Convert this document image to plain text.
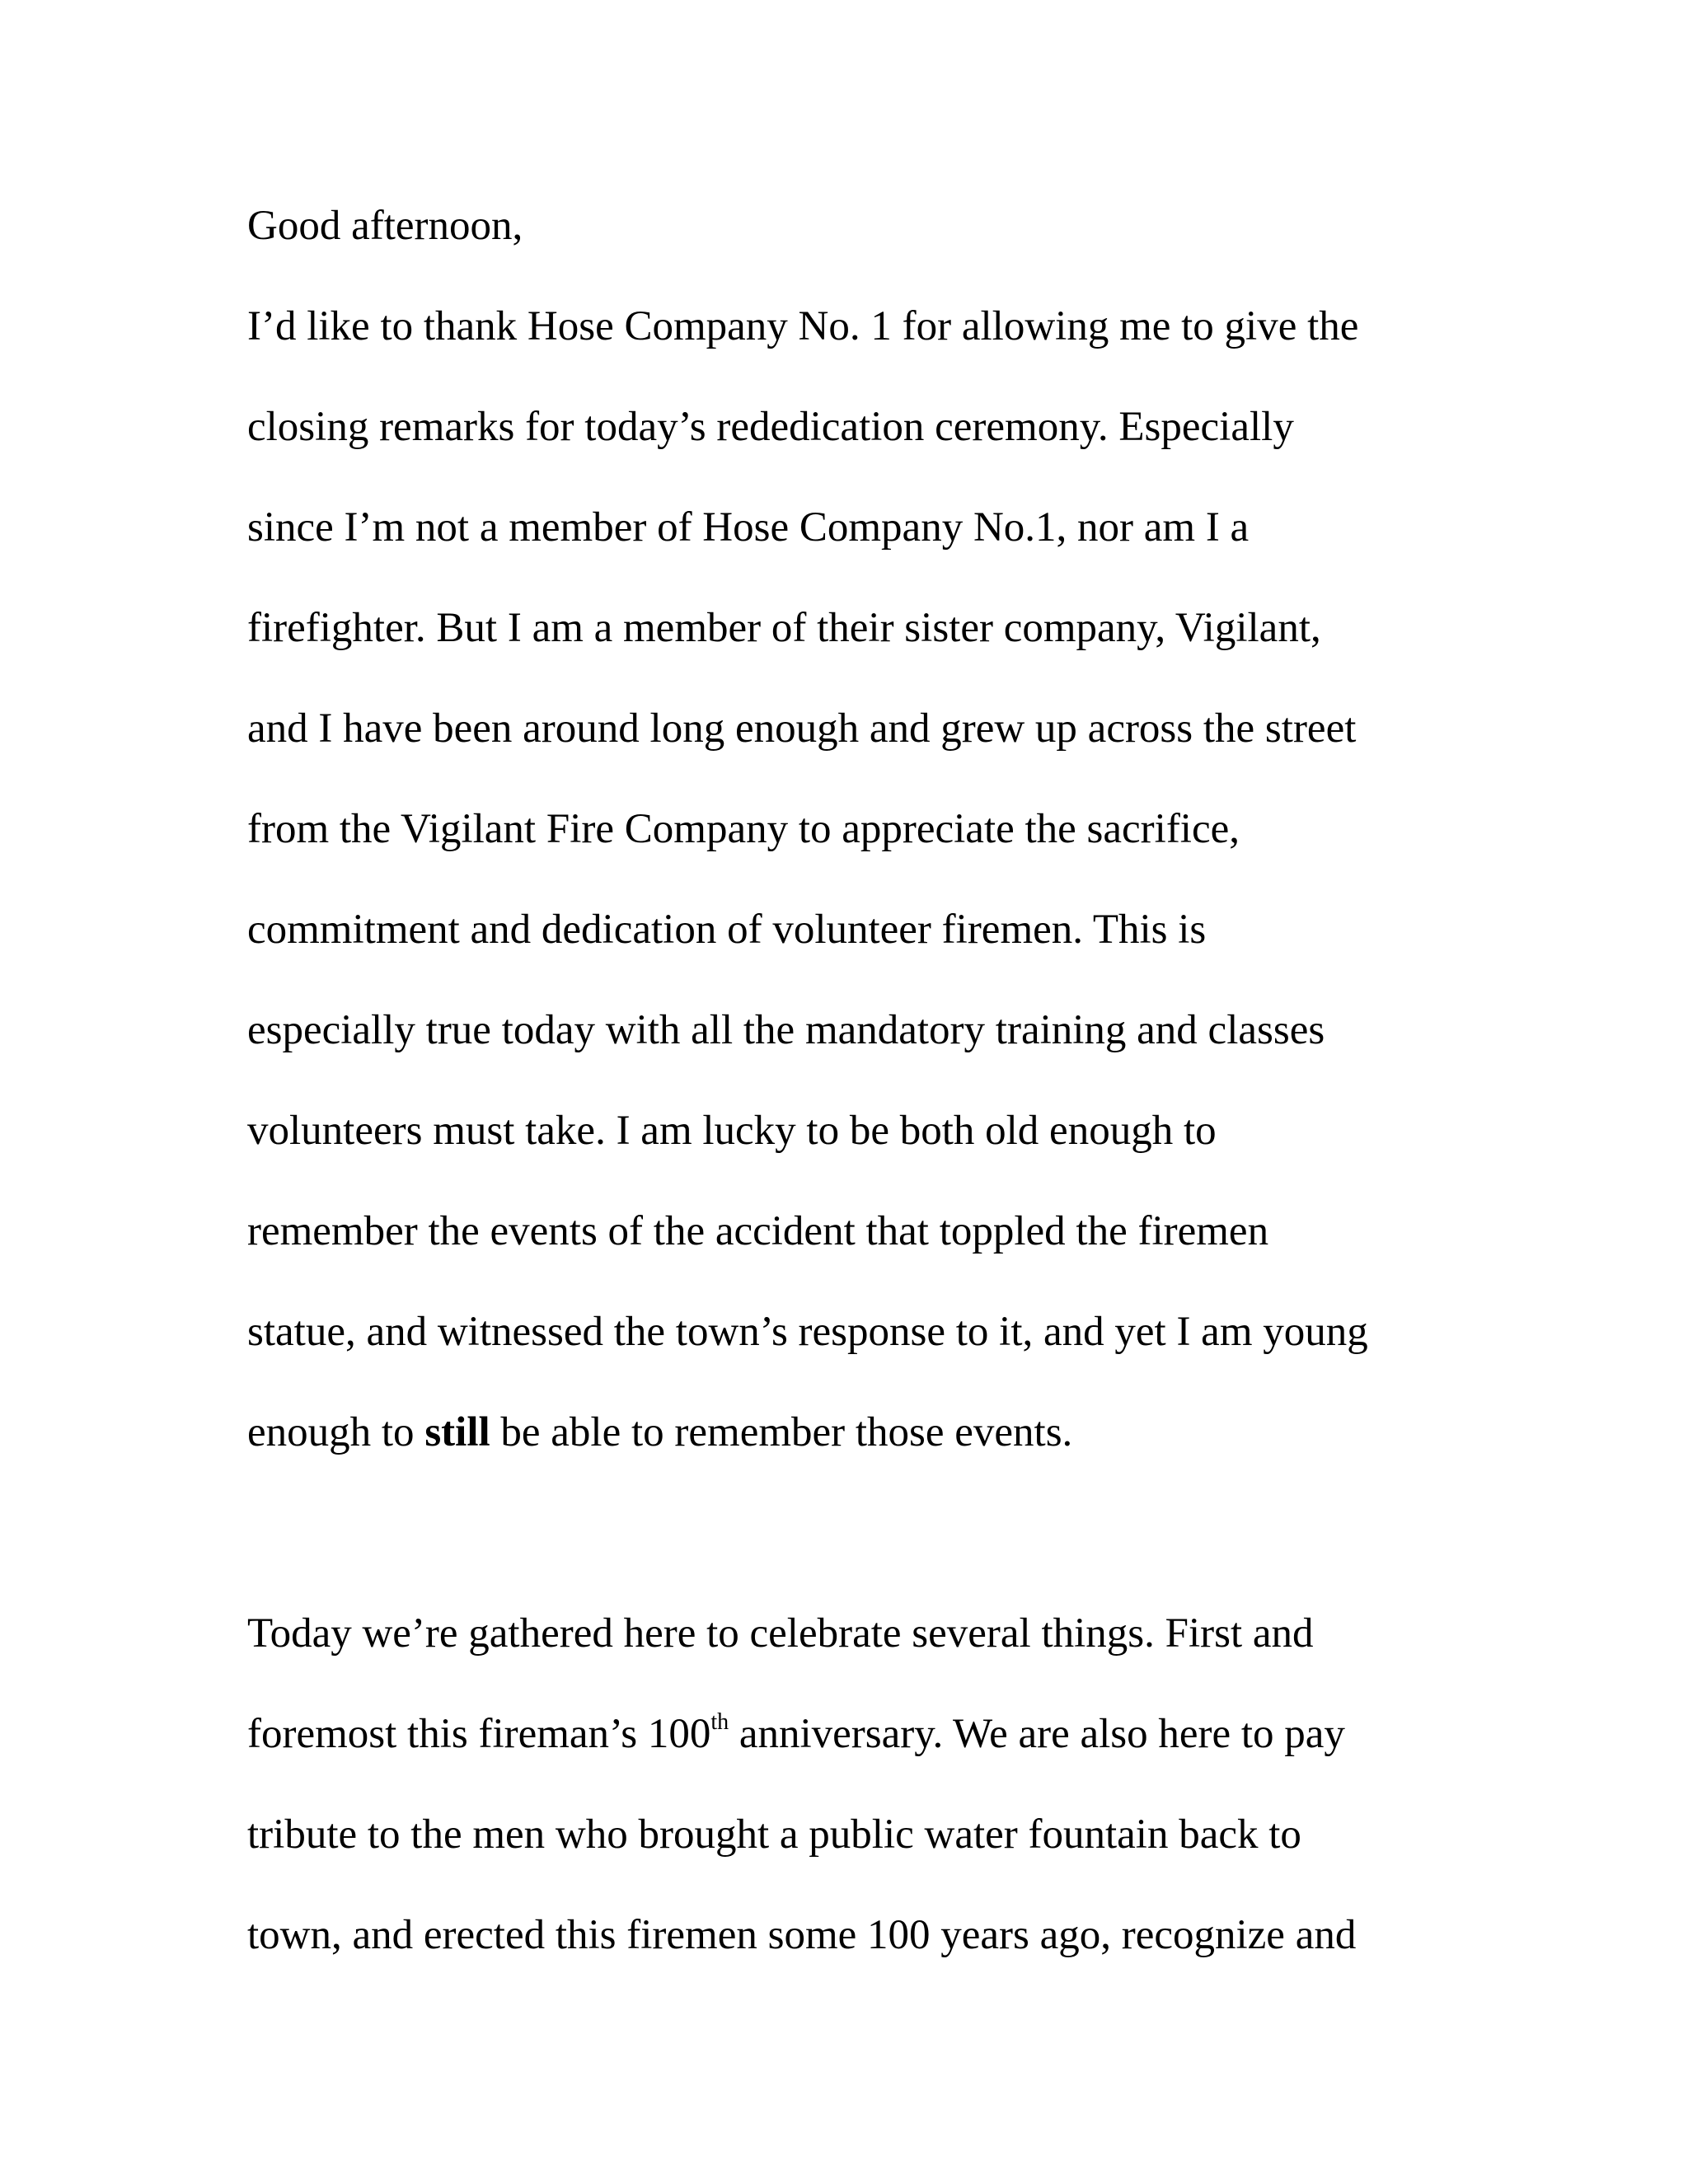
Good afternoon,

I’d like to thank Hose Company No. 1 for allowing me to give the

closing remarks for today’s rededication ceremony. Especially

since I’m not a member of Hose Company No.1, nor am I a

firefighter. But I am a member of their sister company, Vigilant,

and I have been around long enough and grew up across the street

from the Vigilant Fire Company to appreciate the sacrifice,

commitment and dedication of volunteer firemen. This is

especially true today with all the mandatory training and classes

volunteers must take. I am lucky to be both old enough to

remember the events of the accident that toppled the firemen

statue, and witnessed the town’s response to it, and yet I am young

enough to still be able to remember those events.

Today we’re gathered here to celebrate several things. First and

foremost this fireman’s 100th anniversary. We are also here to pay

tribute to the men who brought a public water fountain back to

town, and erected this firemen some 100 years ago, recognize and
